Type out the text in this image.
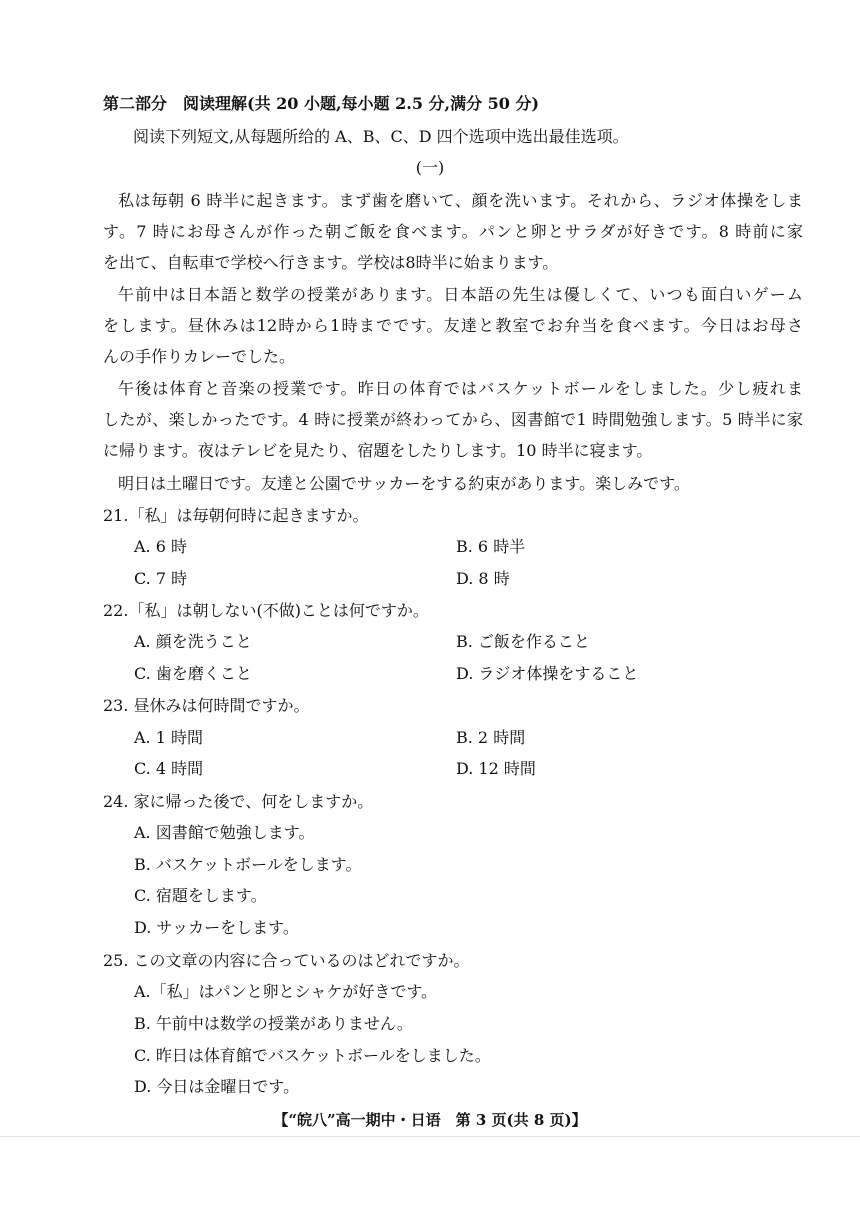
第二部分　阅读理解(共 20 小题,每小题 2.5 分,满分 50 分)

阅读下列短文,从每题所给的 A、B、C、D 四个选项中选出最佳选项。

(一)

私は毎朝 6 時半に起きます。まず歯を磨いて、顔を洗います。それから、ラジオ体操をしま

す。7 時にお母さんが作った朝ご飯を食べます。パンと卵とサラダが好きです。8 時前に家

を出て、自転車で学校へ行きます。学校は8時半に始まります。

午前中は日本語と数学の授業があります。日本語の先生は優しくて、いつも面白いゲーム

をします。昼休みは12時から1時までです。友達と教室でお弁当を食べます。今日はお母さ

んの手作りカレーでした。

午後は体育と音楽の授業です。昨日の体育ではバスケットボールをしました。少し疲れま

したが、楽しかったです。4 時に授業が終わってから、図書館で1 時間勉強します。5 時半に家

に帰ります。夜はテレビを見たり、宿題をしたりします。10 時半に寝ます。

明日は土曜日です。友達と公園でサッカーをする約束があります。楽しみです。

21.「私」は毎朝何時に起きますか。

A. 6 時	B. 6 時半

C. 7 時	D. 8 時

22.「私」は朝しない(不做)ことは何ですか。

A. 顔を洗うこと	B. ご飯を作ること

C. 歯を磨くこと	D. ラジオ体操をすること

23. 昼休みは何時間ですか。

A. 1 時間	B. 2 時間

C. 4 時間	D. 12 時間

24. 家に帰った後で、何をしますか。

A. 図書館で勉強します。

B. バスケットボールをします。

C. 宿題をします。

D. サッカーをします。

25. この文章の内容に合っているのはどれですか。

A.「私」はパンと卵とシャケが好きです。

B. 午前中は数学の授業がありません。

C. 昨日は体育館でバスケットボールをしました。

D. 今日は金曜日です。

【“皖八”高一期中・日语　第 3 页(共 8 页)】
